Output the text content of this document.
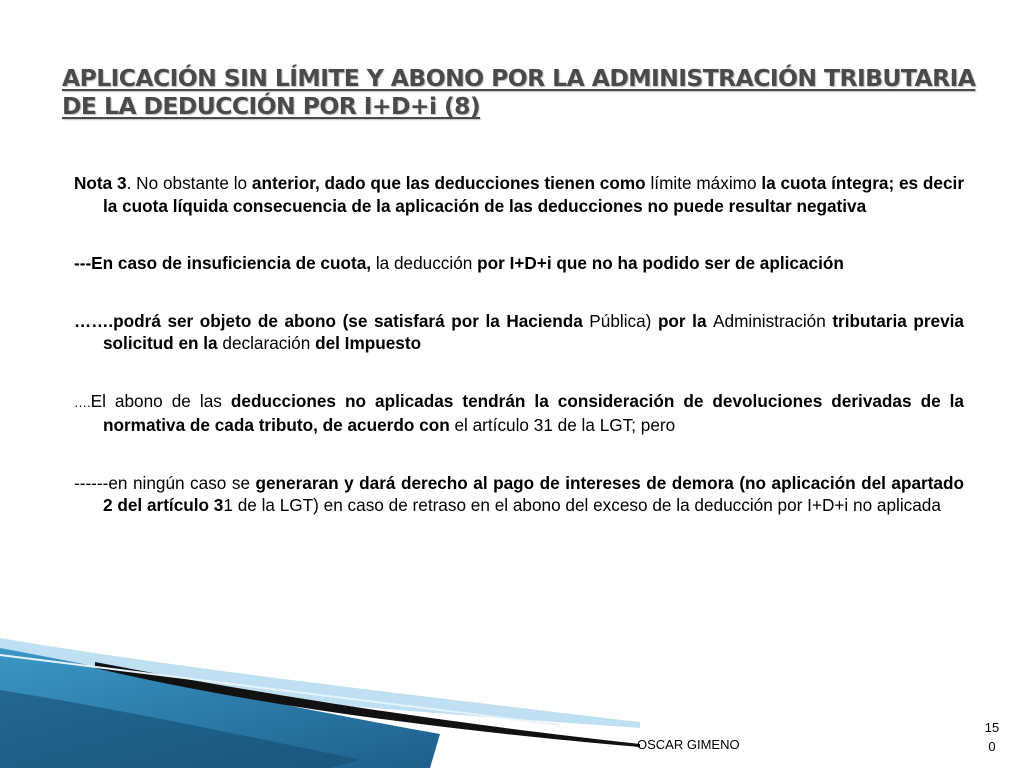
APLICACIÓN SIN LÍMITE Y ABONO POR LA ADMINISTRACIÓN TRIBUTARIA DE LA DEDUCCIÓN POR I+D+i (8)

Nota 3. No obstante lo anterior, dado que las deducciones tienen como límite máximo la cuota íntegra; es decir la cuota líquida consecuencia de la aplicación de las deducciones no puede resultar negativa

---En caso de insuficiencia de cuota, la deducción por I+D+i que no ha podido ser de aplicación

…….podrá ser objeto de abono (se satisfará por la Hacienda Pública) por la Administración tributaria previa solicitud en la declaración del Impuesto

….El abono de las deducciones no aplicadas tendrán la consideración de devoluciones derivadas de la normativa de cada tributo, de acuerdo con el artículo 31 de la LGT; pero

------en ningún caso se generaran y dará derecho al pago de intereses de demora (no aplicación del apartado 2 del artículo 31 de la LGT) en caso de retraso en el abono del exceso de la deducción por I+D+i no aplicada

OSCAR GIMENO
15
0
